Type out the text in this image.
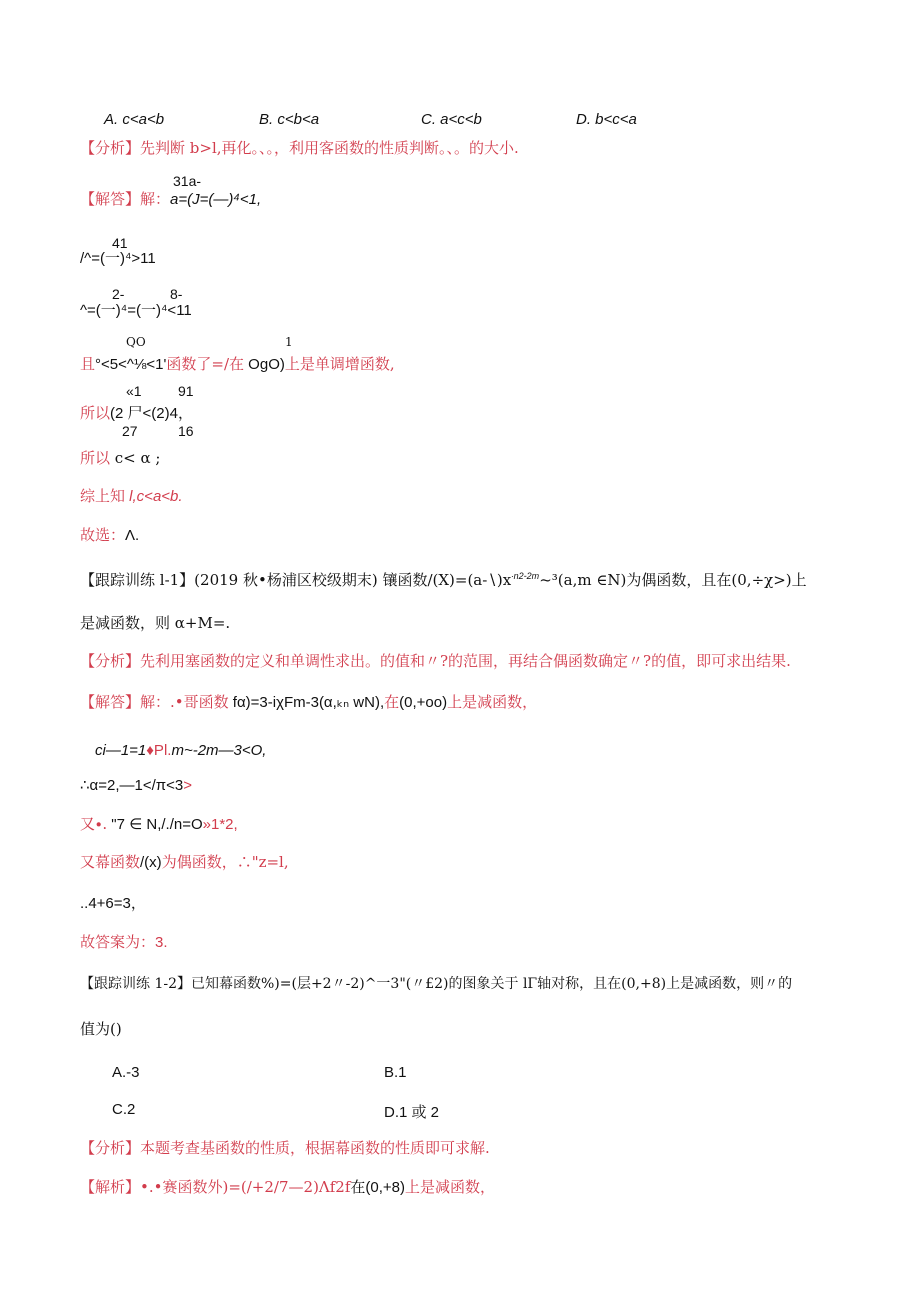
A. c<a<b	B. c<b<a	C. a<c<b	D. b<c<a
【分析】先判断 b>l,再化。、。，利用客函数的性质判断。、。的大小.
31a-
【解答】解：a=(J=(—)⁴<1,
41
/^=(一)⁴>11
2-	8-
^=(一)⁴=(一)⁴<11
QO	1
且°<5<^⅛<1'函数了=/在 OgO)上是单调增函数,
«1	91
所以(2 尸<(2)4，
27	16
所以 c< α ;
综上知 l,c<a<b.
故选：Λ.
【跟踪训练 l-1】(2019 秋•杨浦区校级期末) 镶函数$/(X)=(a-∖)x^{\cdot n2-2m}\sim^3(a,m$ ∈N)为偶函数，且在(0,÷χ>)上
是减函数，则 α+M=.
【分析】先利用塞函数的定义和单调性求出。的值和〃?的范围，再结合偶函数确定〃?的值，即可求出结果.
【解答】解：.•哥函数 fα)=3-iχFm-3(α,ₖₙ wN),在(0,+oo)上是减函数，
ci—1=1♦Pl.m~-2m—3<O,
∴α=2,—1</π<3>
又∙. "7 ∈ N,/./n=O»1*2,
又幕函数/(x)为偶函数，∴"z=l,
..4+6=3，
故答案为：3.
【跟踪训练 1-2】已知幕函数%)=(层+2〃-2)^一3"(〃£2)的图象关于 lΓ轴对称，且在(0,+8)上是减函数，则〃的
值为()
A.-3	B.1
C.2	D.1 或 2
【分析】本题考查基函数的性质，根据幕函数的性质即可求解.
【解析】•.•赛函数外)=(/+2/7—2)Λf2f在(0,+8)上是减函数，
